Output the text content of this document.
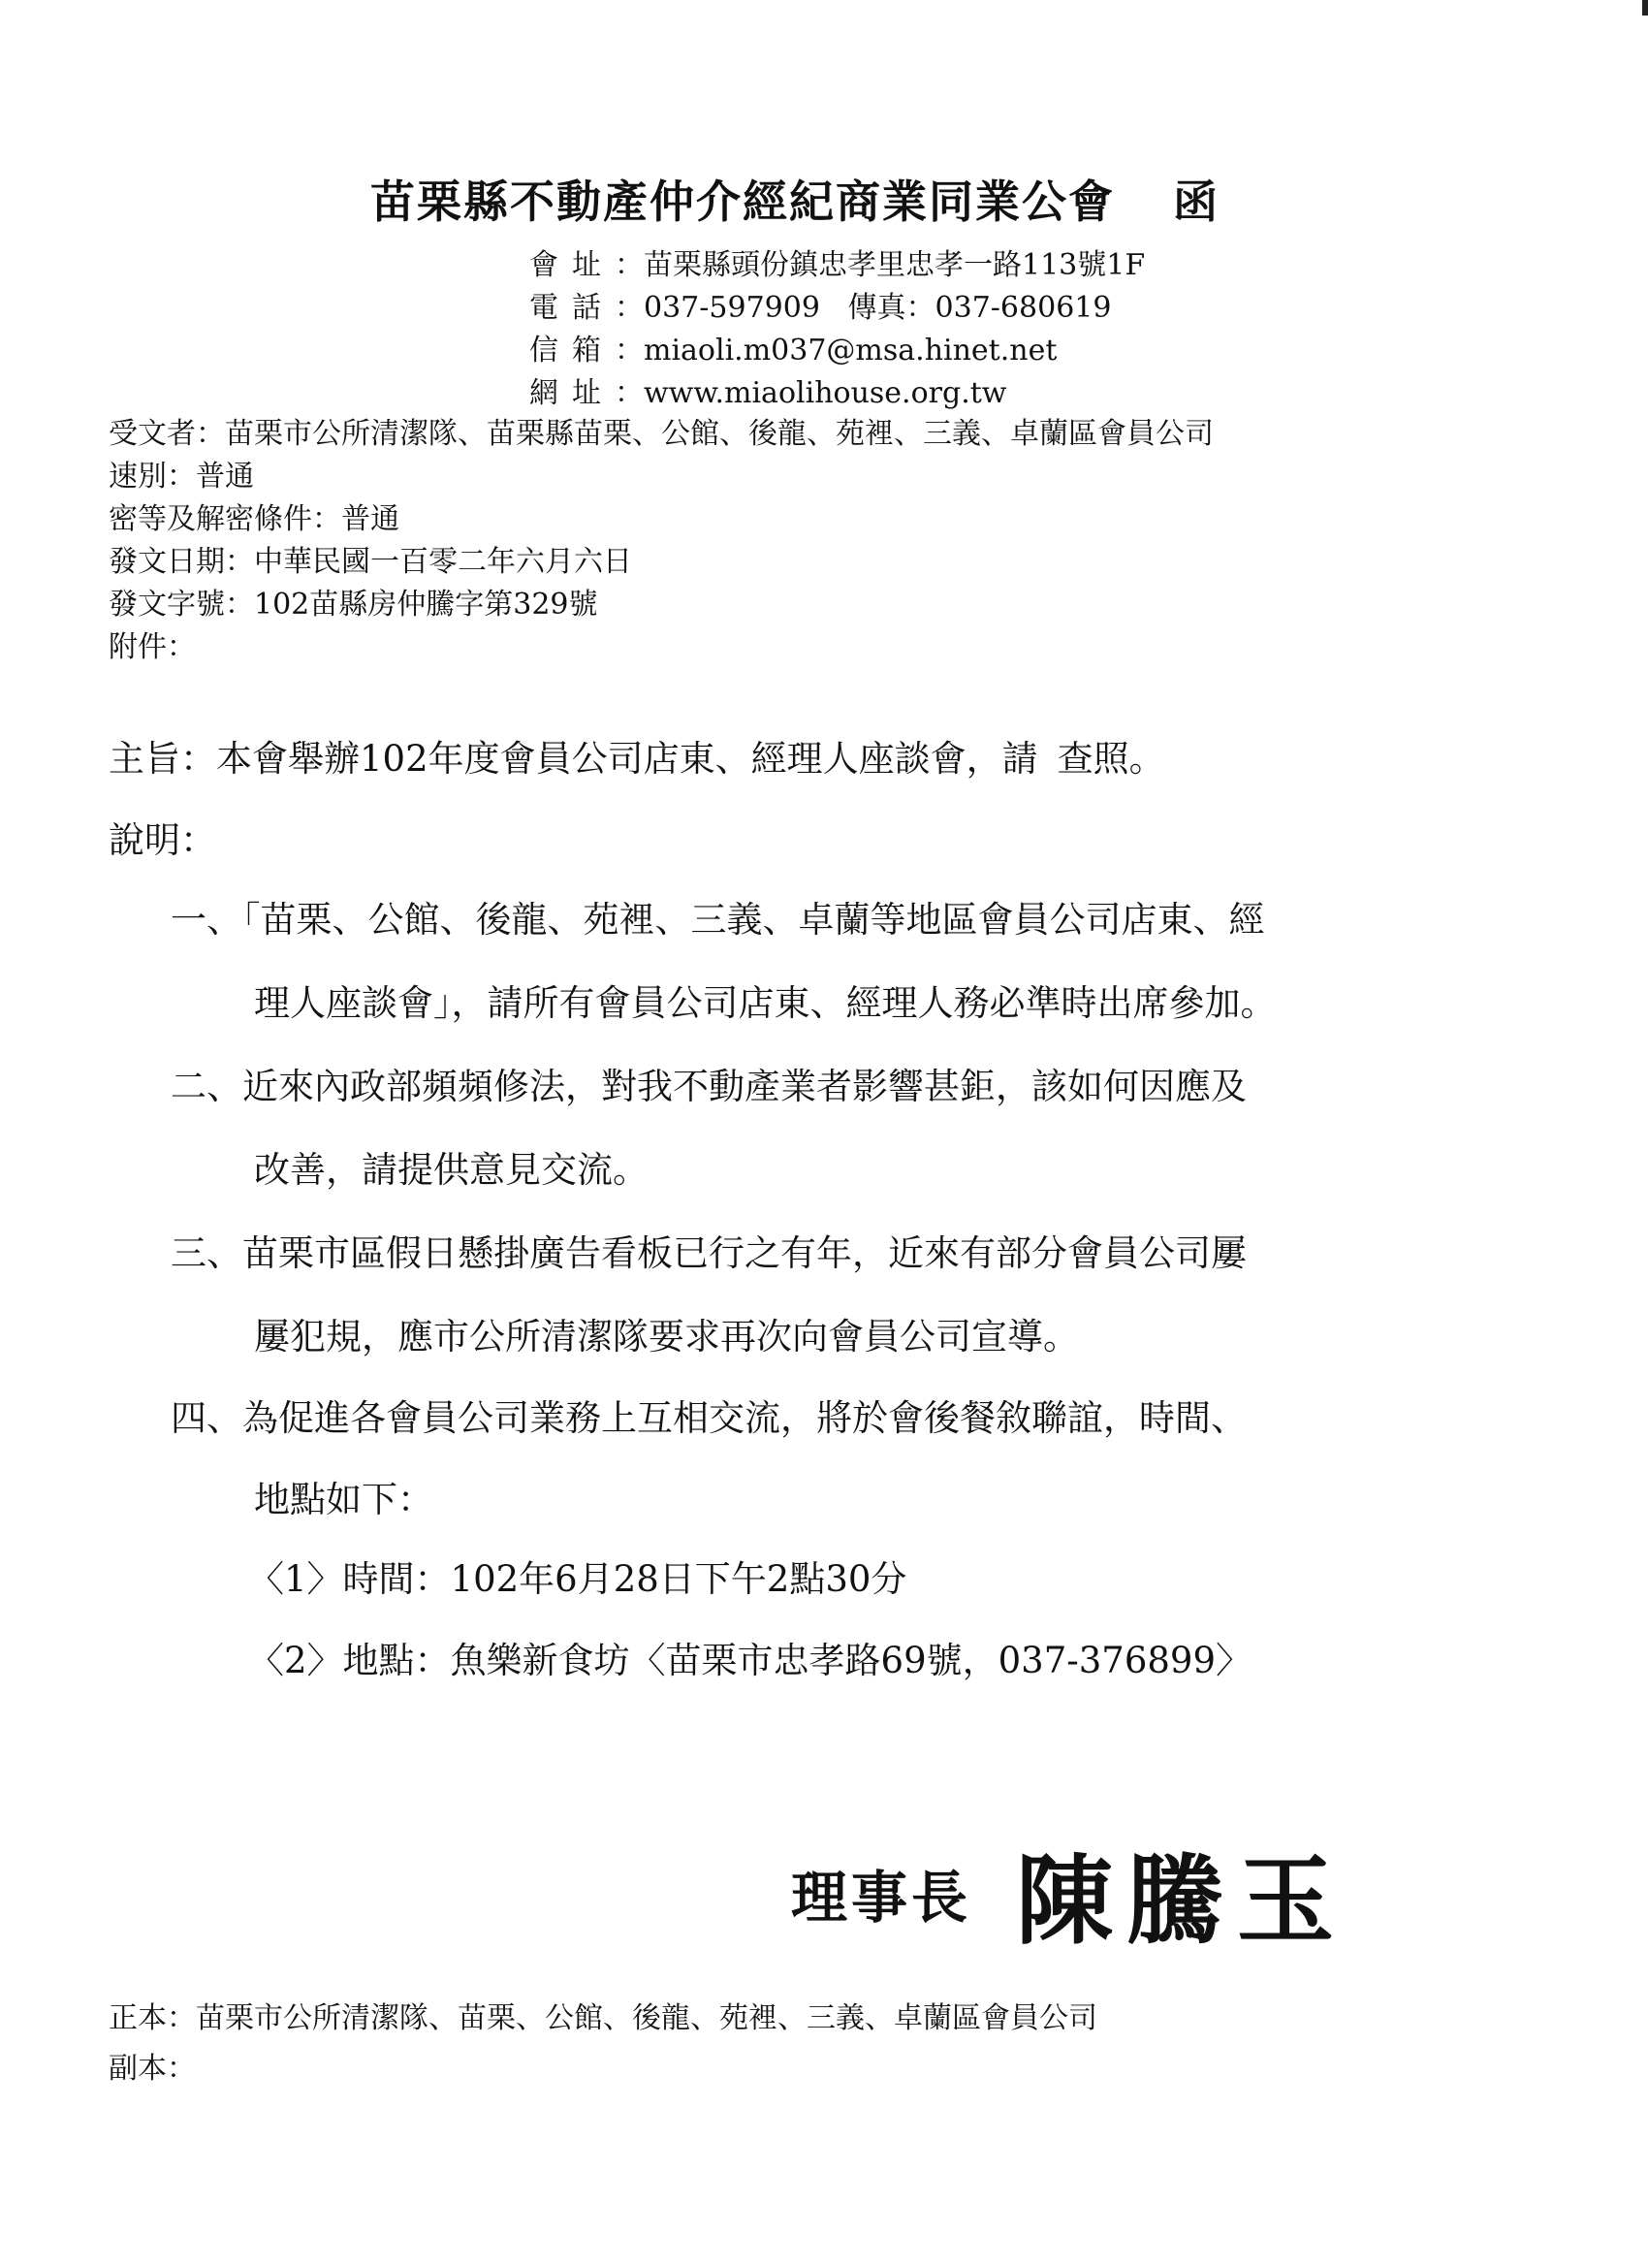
苗栗縣不動產仲介經紀商業同業公會 函
會址：苗栗縣頭份鎮忠孝里忠孝一路113號1F
電話：037-597909 傳真：037-680619
信箱：miaoli.m037@msa.hinet.net
網址：www.miaolihouse.org.tw
受文者：苗栗市公所清潔隊、苗栗縣苗栗、公館、後龍、苑裡、三義、卓蘭區會員公司
速別：普通
密等及解密條件：普通
發文日期：中華民國一百零二年六月六日
發文字號：102苗縣房仲騰字第329號
附件：
主旨：本會舉辦102年度會員公司店東、經理人座談會，請 查照。
說明：
一、「苗栗、公館、後龍、苑裡、三義、卓蘭等地區會員公司店東、經
理人座談會」，請所有會員公司店東、經理人務必準時出席參加。
二、近來內政部頻頻修法，對我不動產業者影響甚鉅，該如何因應及
改善，請提供意見交流。
三、苗栗市區假日懸掛廣告看板已行之有年，近來有部分會員公司屢
屢犯規，應市公所清潔隊要求再次向會員公司宣導。
四、為促進各會員公司業務上互相交流，將於會後餐敘聯誼，時間、
地點如下：
〈1〉時間：102年6月28日下午2點30分
〈2〉地點：魚樂新食坊〈苗栗市忠孝路69號，037-376899〉
理事長 陳騰玉
正本：苗栗市公所清潔隊、苗栗、公館、後龍、苑裡、三義、卓蘭區會員公司
副本：
